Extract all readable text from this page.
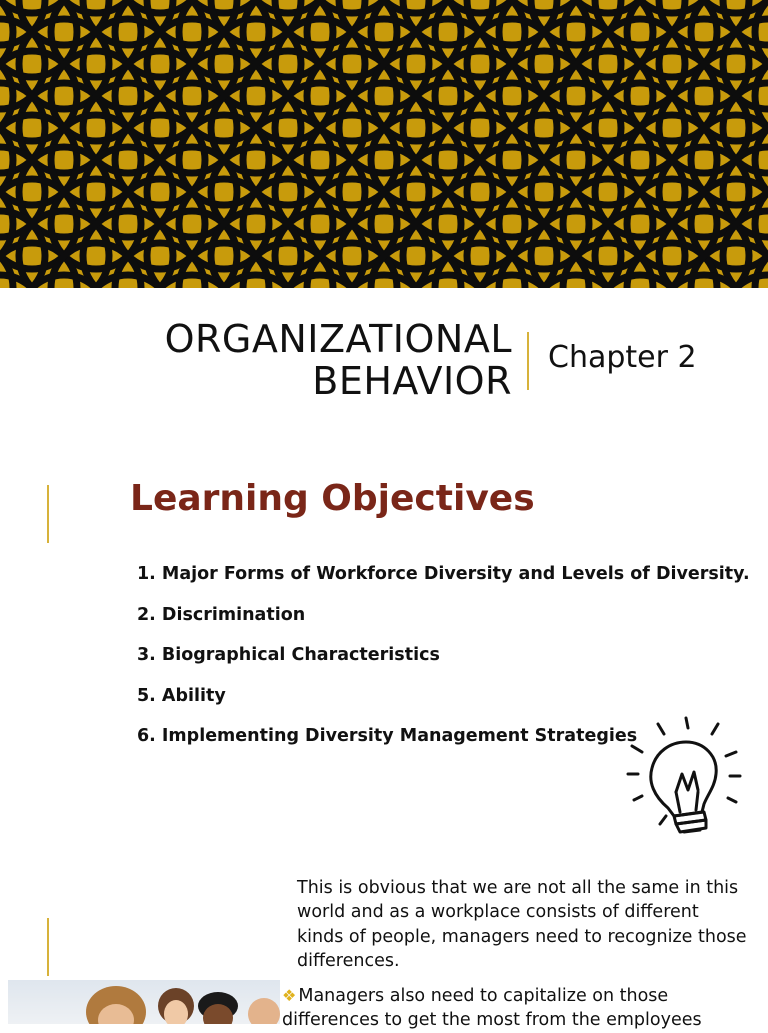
ORGANIZATIONAL
BEHAVIOR
Chapter 2
Learning Objectives
1. Major Forms of Workforce Diversity and Levels of Diversity.
2. Discrimination
3. Biographical Characteristics
5. Ability
6. Implementing Diversity Management Strategies

This is obvious that we are not all the same in this world and as a workplace consists of different kinds of people, managers need to recognize those differences.

❖ Managers also need to capitalize on those differences to get the most from the employees
